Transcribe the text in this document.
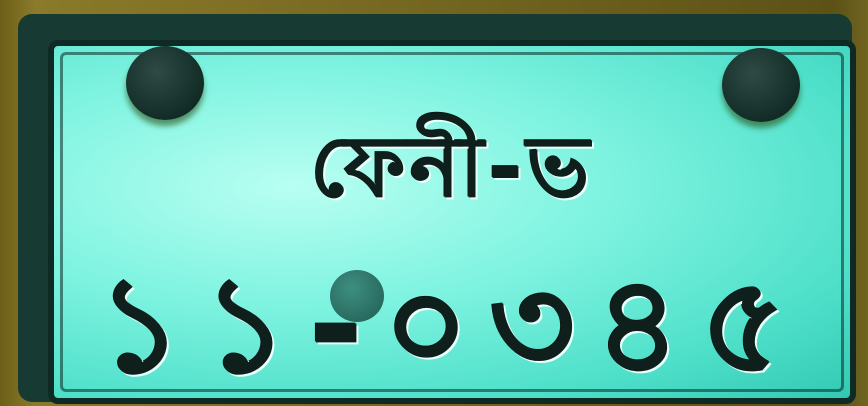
ফেনী-ভ
১১-০৩৪৫
